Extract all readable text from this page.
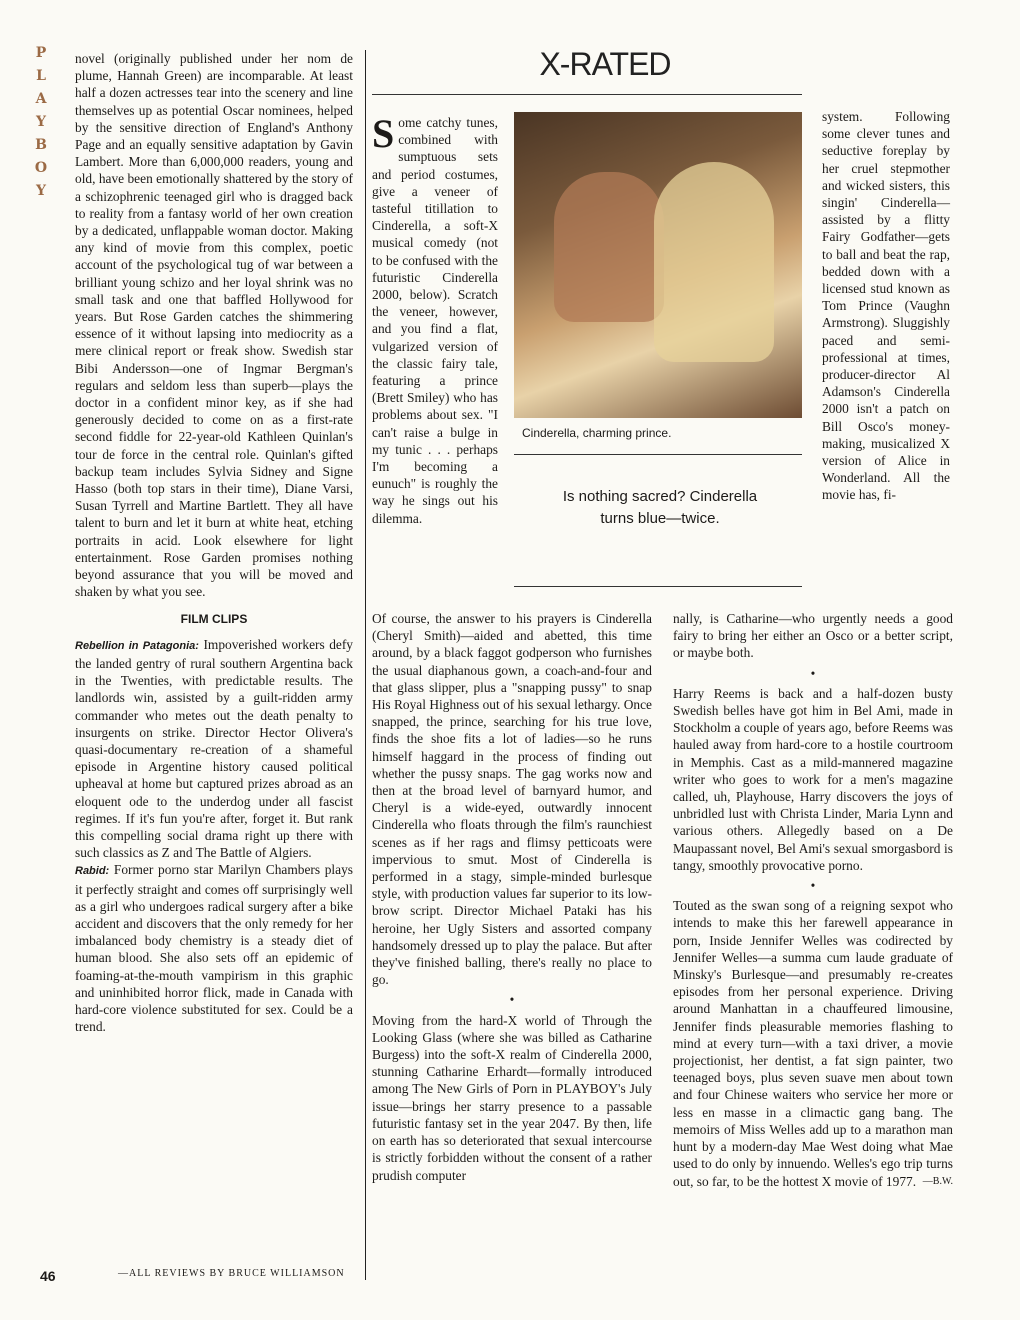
P
L
A
Y
B
O
Y

novel (originally published under her nom de plume, Hannah Green) are incomparable. At least half a dozen actresses tear into the scenery and line themselves up as potential Oscar nominees, helped by the sensitive direction of England's Anthony Page and an equally sensitive adaptation by Gavin Lambert. More than 6,000,000 readers, young and old, have been emotionally shattered by the story of a schizophrenic teenaged girl who is dragged back to reality from a fantasy world of her own creation by a dedicated, unflappable woman doctor. Making any kind of movie from this complex, poetic account of the psychological tug of war between a brilliant young schizo and her loyal shrink was no small task and one that baffled Hollywood for years. But Rose Garden catches the shimmering essence of it without lapsing into mediocrity as a mere clinical report or freak show. Swedish star Bibi Andersson—one of Ingmar Bergman's regulars and seldom less than superb—plays the doctor in a confident minor key, as if she had generously decided to come on as a first-rate second fiddle for 22-year-old Kathleen Quinlan's tour de force in the central role. Quinlan's gifted backup team includes Sylvia Sidney and Signe Hasso (both top stars in their time), Diane Varsi, Susan Tyrrell and Martine Bartlett. They all have talent to burn and let it burn at white heat, etching portraits in acid. Look elsewhere for light entertainment. Rose Garden promises nothing beyond assurance that you will be moved and shaken by what you see.

FILM CLIPS

Rebellion in Patagonia: Impoverished workers defy the landed gentry of rural southern Argentina back in the Twenties, with predictable results. The landlords win, assisted by a guilt-ridden army commander who metes out the death penalty to insurgents on strike. Director Hector Olivera's quasi-documentary re-creation of a shameful episode in Argentine history caused political upheaval at home but captured prizes abroad as an eloquent ode to the underdog under all fascist regimes. If it's fun you're after, forget it. But rank this compelling social drama right up there with such classics as Z and The Battle of Algiers.

Rabid: Former porno star Marilyn Chambers plays it perfectly straight and comes off surprisingly well as a girl who undergoes radical surgery after a bike accident and discovers that the only remedy for her imbalanced body chemistry is a steady diet of human blood. She also sets off an epidemic of foaming-at-the-mouth vampirism in this graphic and uninhibited horror flick, made in Canada with hard-core violence substituted for sex. Could be a trend.

X-RATED
Some catchy tunes, combined with sumptuous sets and period costumes, give a veneer of tasteful titillation to Cinderella, a soft-X musical comedy (not to be confused with the futuristic Cinderella 2000, below). Scratch the veneer, however, and you find a flat, vulgarized version of the classic fairy tale, featuring a prince (Brett Smiley) who has problems about sex. "I can't raise a bulge in my tunic . . . perhaps I'm becoming a eunuch" is roughly the way he sings out his dilemma.
Cinderella, charming prince.
Is nothing sacred? Cinderella turns blue—twice.

system. Following some clever tunes and seductive foreplay by her cruel stepmother and wicked sisters, this singin' Cinderella—assisted by a flitty Fairy Godfather—gets to ball and beat the rap, bedded down with a licensed stud known as Tom Prince (Vaughn Armstrong). Sluggishly paced and semi-professional at times, producer-director Al Adamson's Cinderella 2000 isn't a patch on Bill Osco's money-making, musicalized X version of Alice in Wonderland. All the movie has, fi-

Of course, the answer to his prayers is Cinderella (Cheryl Smith)—aided and abetted, this time around, by a black faggot godperson who furnishes the usual diaphanous gown, a coach-and-four and that glass slipper, plus a "snapping pussy" to snap His Royal Highness out of his sexual lethargy. Once snapped, the prince, searching for his true love, finds the shoe fits a lot of ladies—so he runs himself haggard in the process of finding out whether the pussy snaps. The gag works now and then at the broad level of barnyard humor, and Cheryl is a wide-eyed, outwardly innocent Cinderella who floats through the film's raunchiest scenes as if her rags and flimsy petticoats were impervious to smut. Most of Cinderella is performed in a stagy, simple-minded burlesque style, with production values far superior to its low-brow script. Director Michael Pataki has his heroine, her Ugly Sisters and assorted company handsomely dressed up to play the palace. But after they've finished balling, there's really no place to go.

•

Moving from the hard-X world of Through the Looking Glass (where she was billed as Catharine Burgess) into the soft-X realm of Cinderella 2000, stunning Catharine Erhardt—formally introduced among The New Girls of Porn in PLAYBOY's July issue—brings her starry presence to a passable futuristic fantasy set in the year 2047. By then, life on earth has so deteriorated that sexual intercourse is strictly forbidden without the consent of a rather prudish computer

nally, is Catharine—who urgently needs a good fairy to bring her either an Osco or a better script, or maybe both.

•

Harry Reems is back and a half-dozen busty Swedish belles have got him in Bel Ami, made in Stockholm a couple of years ago, before Reems was hauled away from hard-core to a hostile courtroom in Memphis. Cast as a mild-mannered magazine writer who goes to work for a men's magazine called, uh, Playhouse, Harry discovers the joys of unbridled lust with Christa Linder, Maria Lynn and various others. Allegedly based on a De Maupassant novel, Bel Ami's sexual smorgasbord is tangy, smoothly provocative porno.

•

Touted as the swan song of a reigning sexpot who intends to make this her farewell appearance in porn, Inside Jennifer Welles was codirected by Jennifer Welles—a summa cum laude graduate of Minsky's Burlesque—and presumably re-creates episodes from her personal experience. Driving around Manhattan in a chauffeured limousine, Jennifer finds pleasurable memories flashing to mind at every turn—with a taxi driver, a movie projectionist, her dentist, a fat sign painter, two teenaged boys, plus seven suave men about town and four Chinese waiters who service her more or less en masse in a climactic gang bang. The memoirs of Miss Welles add up to a marathon man hunt by a modern-day Mae West doing what Mae used to do only by innuendo. Welles's ego trip turns out, so far, to be the hottest X movie of 1977. —B.W.

46	—ALL REVIEWS BY BRUCE WILLIAMSON
